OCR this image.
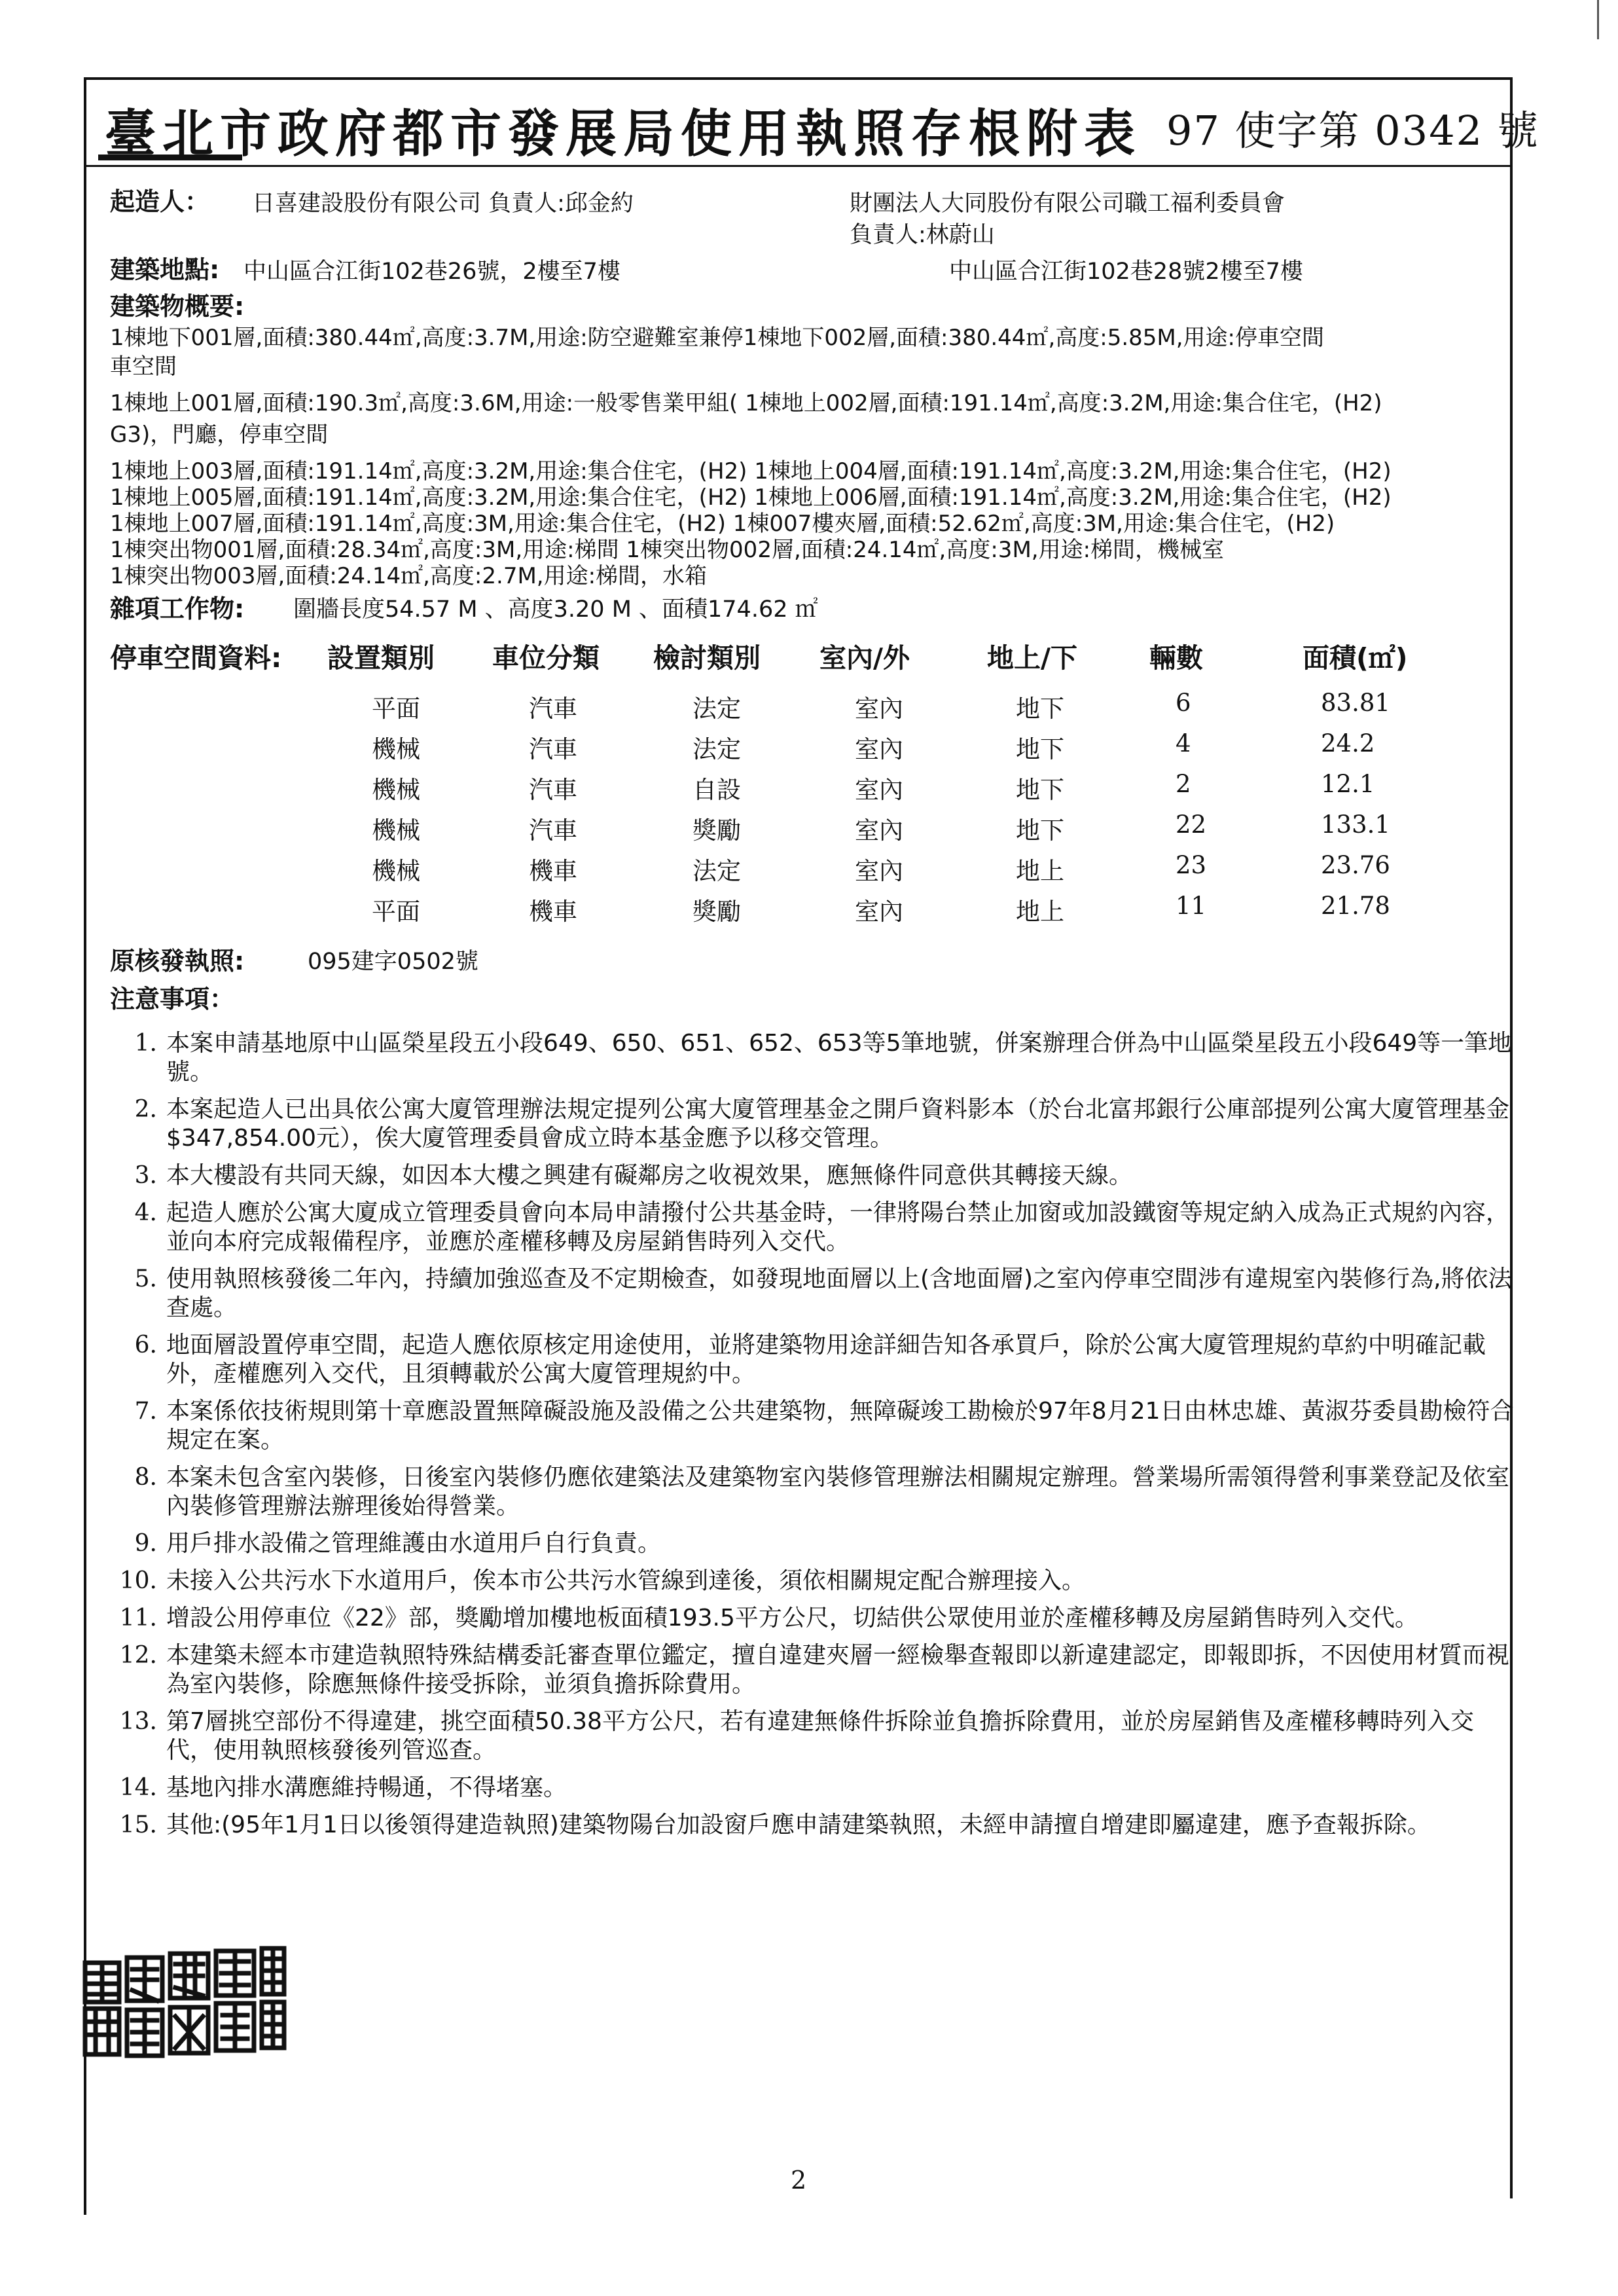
臺北市政府都市發展局使用執照存根附表 97 使字第 0342 號
起造人： 日喜建設股份有限公司 負責人:邱金約	財團法人大同股份有限公司職工福利委員會
負責人:林蔚山
建築地點: 中山區合江街102巷26號，2樓至7樓	中山區合江街102巷28號2樓至7樓
建築物概要:
1棟地下001層,面積:380.44㎡,高度:3.7M,用途:防空避難室兼停1棟地下002層,面積:380.44㎡,高度:5.85M,用途:停車空間
車空間
1棟地上001層,面積:190.3㎡,高度:3.6M,用途:一般零售業甲組( 1棟地上002層,面積:191.14㎡,高度:3.2M,用途:集合住宅，(H2)
G3)，門廳，停車空間
1棟地上003層,面積:191.14㎡,高度:3.2M,用途:集合住宅，(H2) 1棟地上004層,面積:191.14㎡,高度:3.2M,用途:集合住宅，(H2)
1棟地上005層,面積:191.14㎡,高度:3.2M,用途:集合住宅，(H2) 1棟地上006層,面積:191.14㎡,高度:3.2M,用途:集合住宅，(H2)
1棟地上007層,面積:191.14㎡,高度:3M,用途:集合住宅，(H2) 1棟007樓夾層,面積:52.62㎡,高度:3M,用途:集合住宅，(H2)
1棟突出物001層,面積:28.34㎡,高度:3M,用途:梯間 1棟突出物002層,面積:24.14㎡,高度:3M,用途:梯間，機械室
1棟突出物003層,面積:24.14㎡,高度:2.7M,用途:梯間，水箱
雜項工作物: 圍牆長度54.57 M 、高度3.20 M 、面積174.62 ㎡
停車空間資料: 設置類別 車位分類 檢討類別 室內/外	地上/下	輛數	面積(㎡)
平面	汽車	法定	室內	地下	6	83.81
機械	汽車	法定	室內	地下	4	24.2
機械	汽車	自設	室內	地下	2	12.1
機械	汽車	獎勵	室內	地下	22	133.1
機械	機車	法定	室內	地上	23	23.76
平面	機車	獎勵	室內	地上	11	21.78
原核發執照:	095建字0502號
注意事項：
1. 本案申請基地原中山區榮星段五小段649、650、651、652、653等5筆地號，併案辦理合併為中山區榮星段五小段649等一筆地號。
2. 本案起造人已出具依公寓大廈管理辦法規定提列公寓大廈管理基金之開戶資料影本（於台北富邦銀行公庫部提列公寓大廈管理基金$347,854.00元），俟大廈管理委員會成立時本基金應予以移交管理。
3. 本大樓設有共同天線，如因本大樓之興建有礙鄰房之收視效果，應無條件同意供其轉接天線。
4. 起造人應於公寓大廈成立管理委員會向本局申請撥付公共基金時，一律將陽台禁止加窗或加設鐵窗等規定納入成為正式規約內容，並向本府完成報備程序，並應於產權移轉及房屋銷售時列入交代。
5. 使用執照核發後二年內，持續加強巡查及不定期檢查，如發現地面層以上(含地面層)之室內停車空間涉有違規室內裝修行為,將依法查處。
6. 地面層設置停車空間，起造人應依原核定用途使用，並將建築物用途詳細告知各承買戶，除於公寓大廈管理規約草約中明確記載外，產權應列入交代，且須轉載於公寓大廈管理規約中。
7. 本案係依技術規則第十章應設置無障礙設施及設備之公共建築物，無障礙竣工勘檢於97年8月21日由林忠雄、黃淑芬委員勘檢符合規定在案。
8. 本案未包含室內裝修，日後室內裝修仍應依建築法及建築物室內裝修管理辦法相關規定辦理。營業場所需領得營利事業登記及依室內裝修管理辦法辦理後始得營業。
9. 用戶排水設備之管理維護由水道用戶自行負責。
10. 未接入公共污水下水道用戶，俟本市公共污水管線到達後，須依相關規定配合辦理接入。
11. 增設公用停車位《22》部，獎勵增加樓地板面積193.5平方公尺，切結供公眾使用並於產權移轉及房屋銷售時列入交代。
12. 本建築未經本市建造執照特殊結構委託審查單位鑑定，擅自違建夾層一經檢舉查報即以新違建認定，即報即拆，不因使用材質而視為室內裝修，除應無條件接受拆除，並須負擔拆除費用。
13. 第7層挑空部份不得違建，挑空面積50.38平方公尺，若有違建無條件拆除並負擔拆除費用，並於房屋銷售及產權移轉時列入交代，使用執照核發後列管巡查。
14. 基地內排水溝應維持暢通，不得堵塞。
15. 其他:(95年1月1日以後領得建造執照)建築物陽台加設窗戶應申請建築執照，未經申請擅自增建即屬違建，應予查報拆除。
2
